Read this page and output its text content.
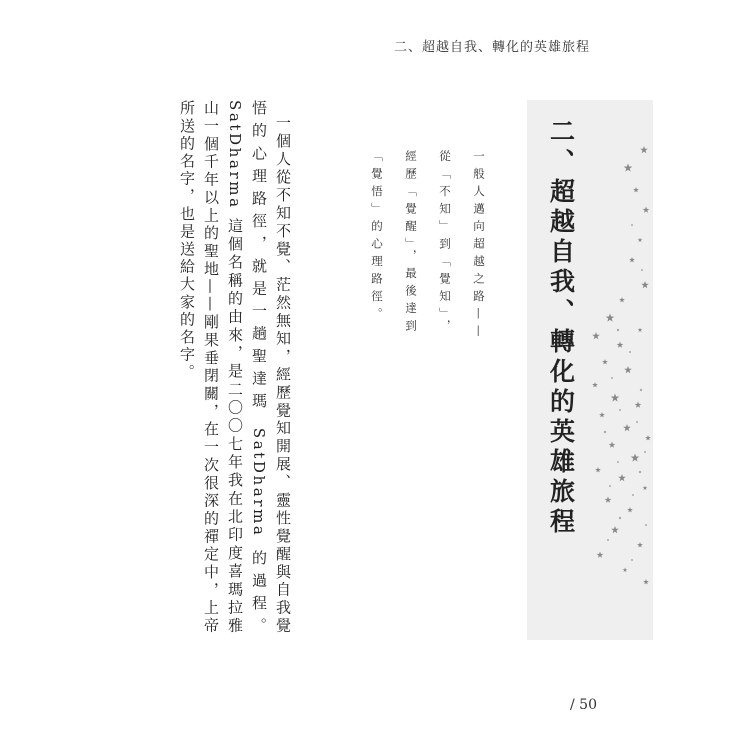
二、超越自我、轉化的英雄旅程
二、超越自我、轉化的英雄旅程

一般人邁向超越之路——

從「不知」到「覺知」，

經歷「覺醒」，最後達到

「覺悟」的心理路徑。

一個人從不知不覺、茫然無知，經歷覺知開展、靈性覺醒與自我覺悟的心理路徑，就是一趟聖達瑪 SatDharma 的過程。SatDharma 這個名稱的由來，是二〇〇七年我在北印度喜瑪拉雅山一個千年以上的聖地——剛果垂閉關，在一次很深的禪定中，上帝所送的名字，也是送給大家的名字。

/ 50
